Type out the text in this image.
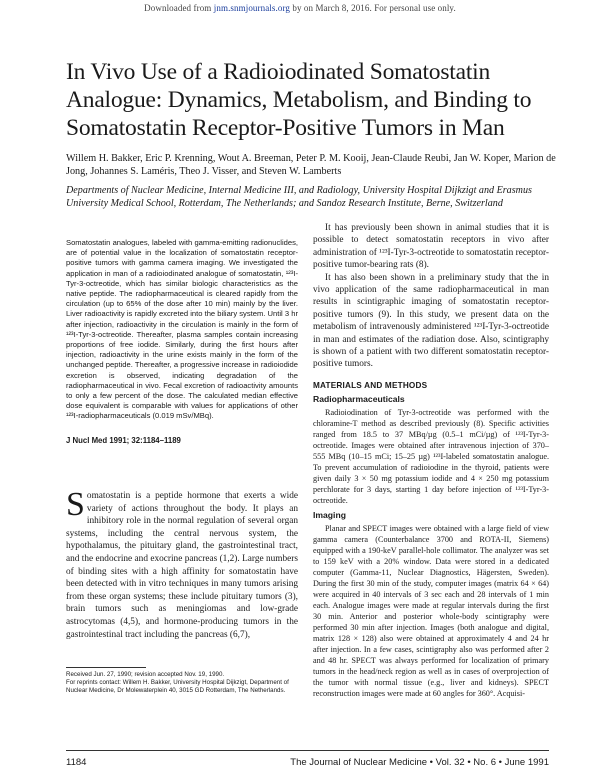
Downloaded from jnm.snmjournals.org by on March 8, 2016. For personal use only.
In Vivo Use of a Radioiodinated Somatostatin Analogue: Dynamics, Metabolism, and Binding to Somatostatin Receptor-Positive Tumors in Man

Willem H. Bakker, Eric P. Krenning, Wout A. Breeman, Peter P. M. Kooij, Jean-Claude Reubi, Jan W. Koper, Marion de Jong, Johannes S. Laméris, Theo J. Visser, and Steven W. Lamberts

Departments of Nuclear Medicine, Internal Medicine III, and Radiology, University Hospital Dijkzigt and Erasmus University Medical School, Rotterdam, The Netherlands; and Sandoz Research Institute, Berne, Switzerland

Somatostatin analogues, labeled with gamma-emitting radionuclides, are of potential value in the localization of somatostatin receptor-positive tumors with gamma camera imaging. We investigated the application in man of a radioiodinated analogue of somatostatin, ¹²³I-Tyr-3-octreotide, which has similar biologic characteristics as the native peptide. The radiopharmaceutical is cleared rapidly from the circulation (up to 65% of the dose after 10 min) mainly by the liver. Liver radioactivity is rapidly excreted into the biliary system. Until 3 hr after injection, radioactivity in the circulation is mainly in the form of ¹²³I-Tyr-3-octreotide. Thereafter, plasma samples contain increasing proportions of free iodide. Similarly, during the first hours after injection, radioactivity in the urine exists mainly in the form of the unchanged peptide. Thereafter, a progressive increase in radioiodide excretion is observed, indicating degradation of the radiopharmaceutical in vivo. Fecal excretion of radioactivity amounts to only a few percent of the dose. The calculated median effective dose equivalent is comparable with values for applications of other ¹²³I-radiopharmaceuticals (0.019 mSv/MBq).

J Nucl Med 1991; 32:1184–1189

Somatostatin is a peptide hormone that exerts a wide variety of actions throughout the body. It plays an inhibitory role in the normal regulation of several organ systems, including the central nervous system, the hypothalamus, the pituitary gland, the gastrointestinal tract, and the endocrine and exocrine pancreas (1,2). Large numbers of binding sites with a high affinity for somatostatin have been detected with in vitro techniques in many tumors arising from these organ systems; these include pituitary tumors (3), brain tumors such as meningiomas and low-grade astrocytomas (4,5), and hormone-producing tumors in the gastrointestinal tract including the pancreas (6,7),
Received Jun. 27, 1990; revision accepted Nov. 19, 1990.
For reprints contact: Willem H. Bakker, University Hospital Dijkzigt, Department of Nuclear Medicine, Dr Molewaterplein 40, 3015 GD Rotterdam, The Netherlands.

It has previously been shown in animal studies that it is possible to detect somatostatin receptors in vivo after administration of ¹²³I-Tyr-3-octreotide to somatostatin receptor-positive tumor-bearing rats (8).

It has also been shown in a preliminary study that the in vivo application of the same radiopharmaceutical in man results in scintigraphic imaging of somatostatin receptor-positive tumors (9). In this study, we present data on the metabolism of intravenously administered ¹²³I-Tyr-3-octreotide in man and estimates of the radiation dose. Also, scintigraphy is shown of a patient with two different somatostatin receptor-positive tumors.

MATERIALS AND METHODS
Radiopharmaceuticals

Radioiodination of Tyr-3-octreotide was performed with the chloramine-T method as described previously (8). Specific activities ranged from 18.5 to 37 MBq/µg (0.5–1 mCi/µg) of ¹²³I-Tyr-3-octreotide. Images were obtained after intravenous injection of 370–555 MBq (10–15 mCi; 15–25 µg) ¹²³I-labeled somatostatin analogue. To prevent accumulation of radioiodine in the thyroid, patients were given daily 3 × 50 mg potassium iodide and 4 × 250 mg potassium perchlorate for 3 days, starting 1 day before injection of ¹²³I-Tyr-3-octreotide.

Imaging

Planar and SPECT images were obtained with a large field of view gamma camera (Counterbalance 3700 and ROTA-II, Siemens) equipped with a 190-keV parallel-hole collimator. The analyzer was set to 159 keV with a 20% window. Data were stored in a dedicated computer (Gamma-11, Nuclear Diagnostics, Hägersten, Sweden). During the first 30 min of the study, computer images (matrix 64 × 64) were acquired in 40 intervals of 3 sec each and 28 intervals of 1 min each. Analogue images were made at regular intervals during the first 30 min. Anterior and posterior whole-body scintigraphy were performed 30 min after injection. Images (both analogue and digital, matrix 128 × 128) also were obtained at approximately 4 and 24 hr after injection. In a few cases, scintigraphy also was performed after 2 and 48 hr. SPECT was always performed for localization of primary tumors in the head/neck region as well as in cases of overprojection of the tumor with normal tissue (e.g., liver and kidneys). SPECT reconstruction images were made at 60 angles for 360°. Acquisi-

1184	The Journal of Nuclear Medicine • Vol. 32 • No. 6 • June 1991
